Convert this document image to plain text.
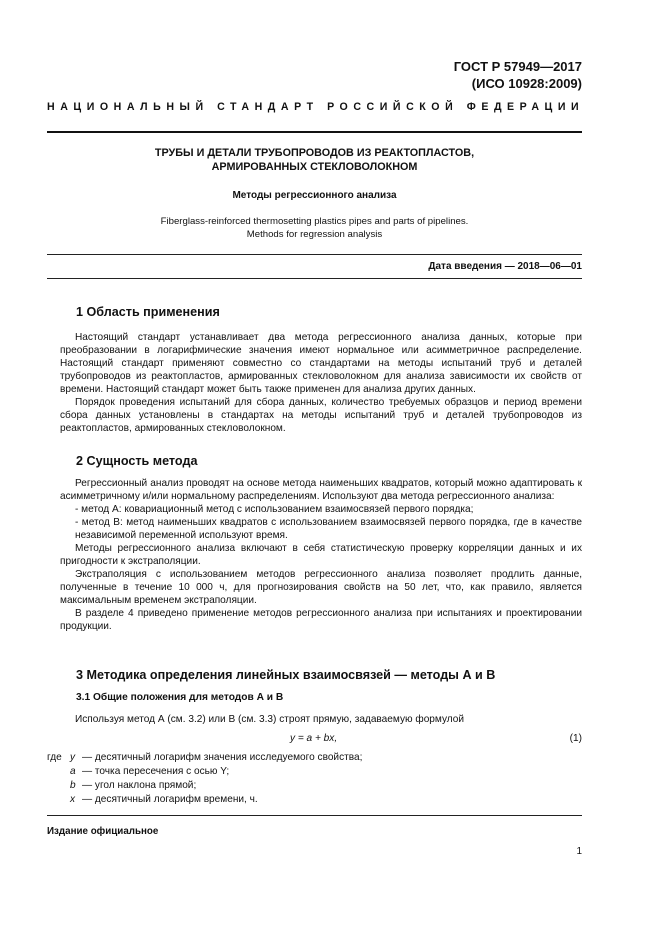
ГОСТ Р 57949—2017
(ИСО 10928:2009)
НАЦИОНАЛЬНЫЙ СТАНДАРТ РОССИЙСКОЙ ФЕДЕРАЦИИ
ТРУБЫ И ДЕТАЛИ ТРУБОПРОВОДОВ ИЗ РЕАКТОПЛАСТОВ,
АРМИРОВАННЫХ СТЕКЛОВОЛОКНОМ
Методы регрессионного анализа
Fiberglass-reinforced thermosetting plastics pipes and parts of pipelines.
Methods for regression analysis
Дата введения — 2018—06—01
1 Область применения

Настоящий стандарт устанавливает два метода регрессионного анализа данных, которые при преобразовании в логарифмические значения имеют нормальное или асимметричное распределение. Настоящий стандарт применяют совместно со стандартами на методы испытаний труб и деталей трубопроводов из реактопластов, армированных стекловолокном для анализа зависимости их свойств от времени. Настоящий стандарт может быть также применен для анализа других данных.

Порядок проведения испытаний для сбора данных, количество требуемых образцов и период времени сбора данных установлены в стандартах на методы испытаний труб и деталей трубопроводов из реактопластов, армированных стекловолокном.

2 Сущность метода

Регрессионный анализ проводят на основе метода наименьших квадратов, который можно адаптировать к асимметричному и/или нормальному распределениям. Используют два метода регрессионного анализа:

- метод А: ковариационный метод с использованием взаимосвязей первого порядка;

- метод В: метод наименьших квадратов с использованием взаимосвязей первого порядка, где в качестве независимой переменной используют время.

Методы регрессионного анализа включают в себя статистическую проверку корреляции данных и их пригодности к экстраполяции.

Экстраполяция с использованием методов регрессионного анализа позволяет продлить данные, полученные в течение 10 000 ч, для прогнозирования свойств на 50 лет, что, как правило, является максимальным временем экстраполяции.

В разделе 4 приведено применение методов регрессионного анализа при испытаниях и проектировании продукции.

3 Методика определения линейных взаимосвязей — методы А и В
3.1 Общие положения для методов А и В

Используя метод А (см. 3.2) или В (см. 3.3) строят прямую, задаваемую формулой

y = a + bx,	(1)
где y — десятичный логарифм значения исследуемого свойства;
a — точка пересечения с осью Y;
b — угол наклона прямой;
x — десятичный логарифм времени, ч.
Издание официальное
1
